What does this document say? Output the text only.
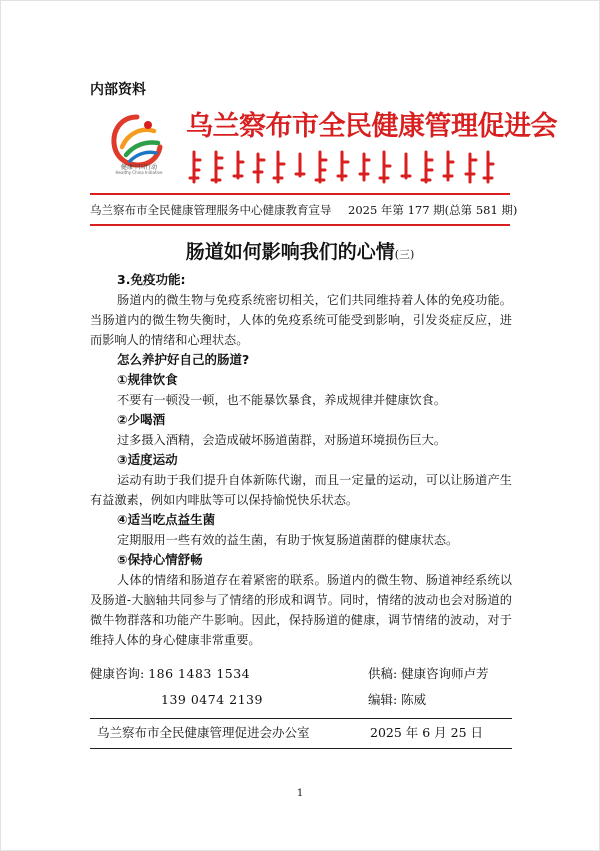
内部资料
健康中国行动
Healthy China Initiative
乌兰察布市全民健康管理促进会
乌兰察布市全民健康管理服务中心健康教育宣导 2025 年第 177 期(总第 581 期)
肠道如何影响我们的心情(三)
3.免疫功能:
肠道内的微生物与免疫系统密切相关，它们共同维持着人体的免疫功能。当肠道内的微生物失衡时，人体的免疫系统可能受到影响，引发炎症反应，进而影响人的情绪和心理状态。
怎么养护好自己的肠道?
①规律饮食
不要有一顿没一顿，也不能暴饮暴食，养成规律并健康饮食。
②少喝酒
过多摄入酒精，会造成破坏肠道菌群，对肠道环境损伤巨大。
③适度运动
运动有助于我们提升自体新陈代谢，而且一定量的运动，可以让肠道产生有益激素，例如内啡肽等可以保持愉悦快乐状态。
④适当吃点益生菌
定期服用一些有效的益生菌，有助于恢复肠道菌群的健康状态。
⑤保持心情舒畅
人体的情绪和肠道存在着紧密的联系。肠道内的微生物、肠道神经系统以及肠道-大脑轴共同参与了情绪的形成和调节。同时，情绪的波动也会对肠道的微牛物群落和功能产牛影响。因此，保持肠道的健康，调节情绪的波动，对于维持人体的身心健康非常重要。
健康咨询: 186 1483 1534
139 0474 2139
供稿: 健康咨询师卢芳
编辑: 陈威
乌兰察布市全民健康管理促进会办公室	2025 年 6 月 25 日
1
